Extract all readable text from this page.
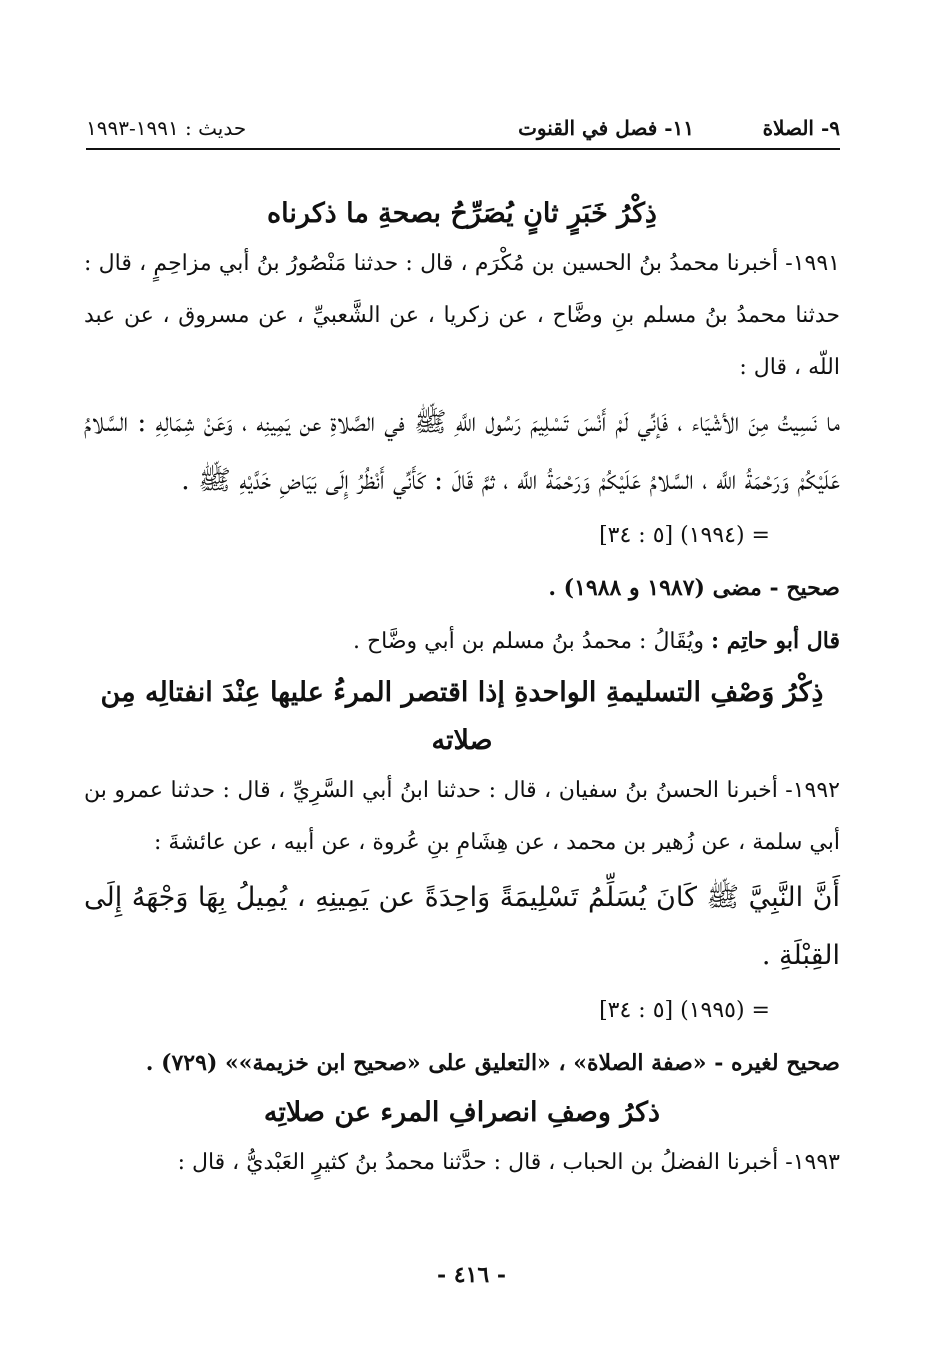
٩- الصلاة
١١- فصل في القنوت
حديث : ١٩٩١-١٩٩٣
ذِكْرُ خَبَرٍ ثانٍ يُصَرِّحُ بصحةِ ما ذكرناه

١٩٩١- أخبرنا محمدُ بنُ الحسين بن مُكْرَم ، قال : حدثنا مَنْصُورُ بنُ أبي مزاحِمٍ ، قال : حدثنا محمدُ بنُ مسلم بنِ وضَّاح ، عن زكريا ، عن الشَّعبيِّ ، عن مسروق ، عن عبد اللّه ، قال :

ما نَسِيتُ مِنَ الأشْيَاء ، فَإنِّي لَمْ أَنْسَ تَسْلِيمَ رَسُول اللَّهِ ﷺ في الصَّلاةِ عن يَمِينِه ، وَعَنْ شِمَالِهِ : السَّلامُ عَلَيْكُمْ وَرَحْمَةُ اللَّه ، السَّلامُ عَلَيْكُمْ وَرَحْمَةُ اللَّه ، ثمَّ قَالَ : كَأَنِّي أَنْظُرُ إِلَى بَيَاضِ خَدَّيْهِ ﷺ .

= (١٩٩٤) [٥ : ٣٤]

صحيح - مضى (١٩٨٧ و ١٩٨٨) .

قال أبو حاتِم : ويُقَالُ : محمدُ بنُ مسلم بن أبي وضَّاح .

ذِكْرُ وَصْفِ التسليمةِ الواحدةِ إذا اقتصر المرءُ عليها عِنْدَ انفتالِه مِن صلاته

١٩٩٢- أخبرنا الحسنُ بنُ سفيان ، قال : حدثنا ابنُ أبي السَّرِيِّ ، قال : حدثنا عمرو بن أبي سلمة ، عن زُهير بن محمد ، عن هِشَامِ بنِ عُروة ، عن أبيه ، عن عائشةَ :

أَنَّ النَّبِيَّ ﷺ كَانَ يُسَلِّمُ تَسْلِيمَةً وَاحِدَةً عن يَمِينِهِ ، يُمِيلُ بِهَا وَجْهَهُ إِلَى القِبْلَةِ .

= (١٩٩٥) [٥ : ٣٤]

صحيح لغيره - «صفة الصلاة» ، «التعليق على «صحيح ابن خزيمة»» (٧٢٩) .

ذكرُ وصفِ انصرافِ المرء عن صلاتِه

١٩٩٣- أخبرنا الفضلُ بن الحباب ، قال : حدَّثنا محمدُ بنُ كثيرٍ العَبْديُّ ، قال :

- ٤١٦ -
